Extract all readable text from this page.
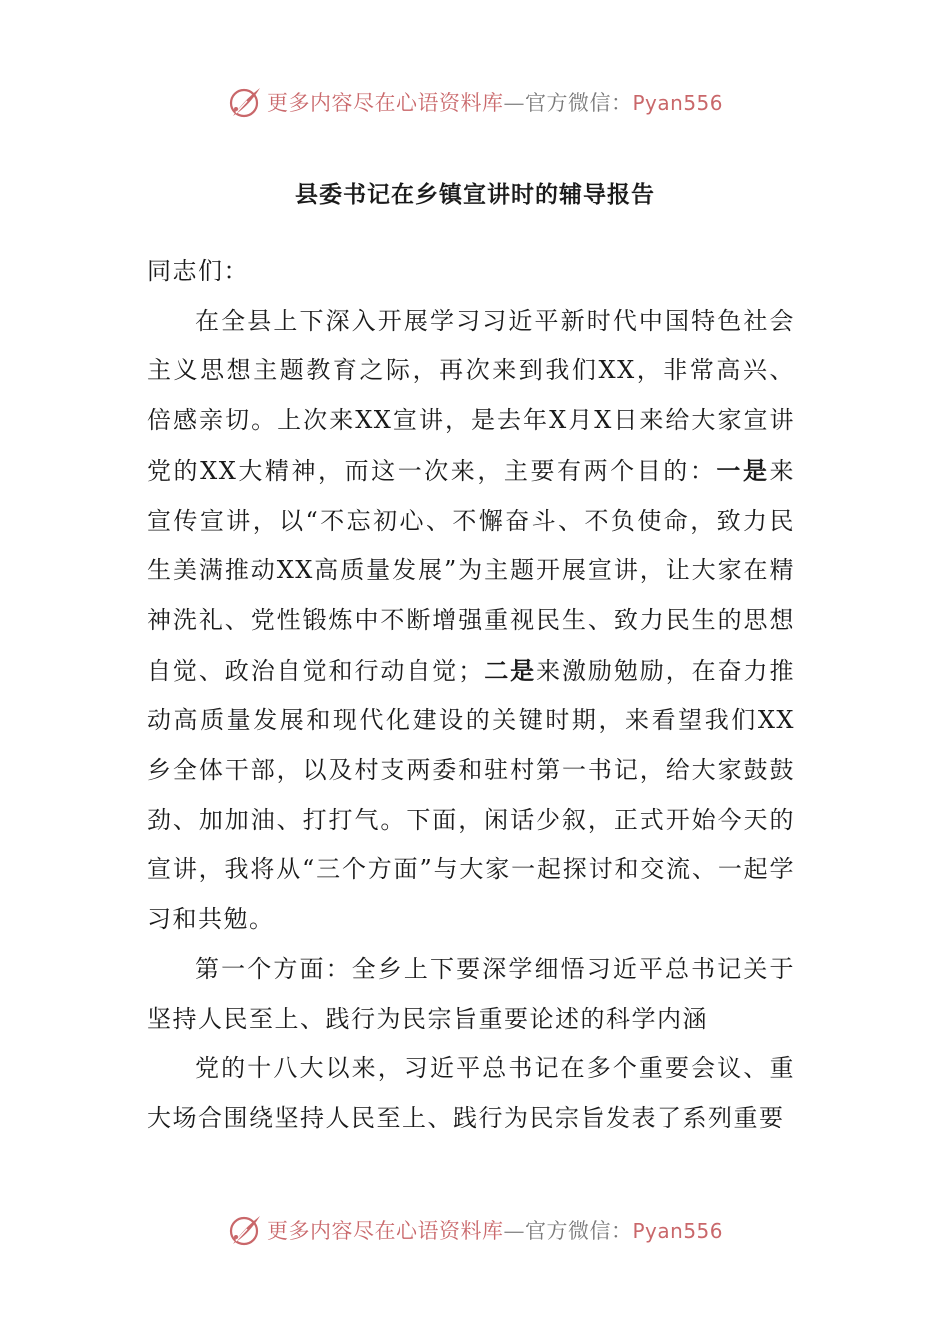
更多内容尽在心语资料库—官方微信：Pyan556
县委书记在乡镇宣讲时的辅导报告

同志们：

在全县上下深入开展学习习近平新时代中国特色社会主义思想主题教育之际，再次来到我们XX，非常高兴、倍感亲切。上次来XX宣讲，是去年X月X日来给大家宣讲党的XX大精神，而这一次来，主要有两个目的：一是来宣传宣讲，以“不忘初心、不懈奋斗、不负使命，致力民生美满推动XX高质量发展”为主题开展宣讲，让大家在精神洗礼、党性锻炼中不断增强重视民生、致力民生的思想自觉、政治自觉和行动自觉；二是来激励勉励，在奋力推动高质量发展和现代化建设的关键时期，来看望我们XX乡全体干部，以及村支两委和驻村第一书记，给大家鼓鼓劲、加加油、打打气。下面，闲话少叙，正式开始今天的宣讲，我将从“三个方面”与大家一起探讨和交流、一起学习和共勉。

第一个方面：全乡上下要深学细悟习近平总书记关于坚持人民至上、践行为民宗旨重要论述的科学内涵

党的十八大以来，习近平总书记在多个重要会议、重大场合围绕坚持人民至上、践行为民宗旨发表了系列重要

更多内容尽在心语资料库—官方微信：Pyan556
